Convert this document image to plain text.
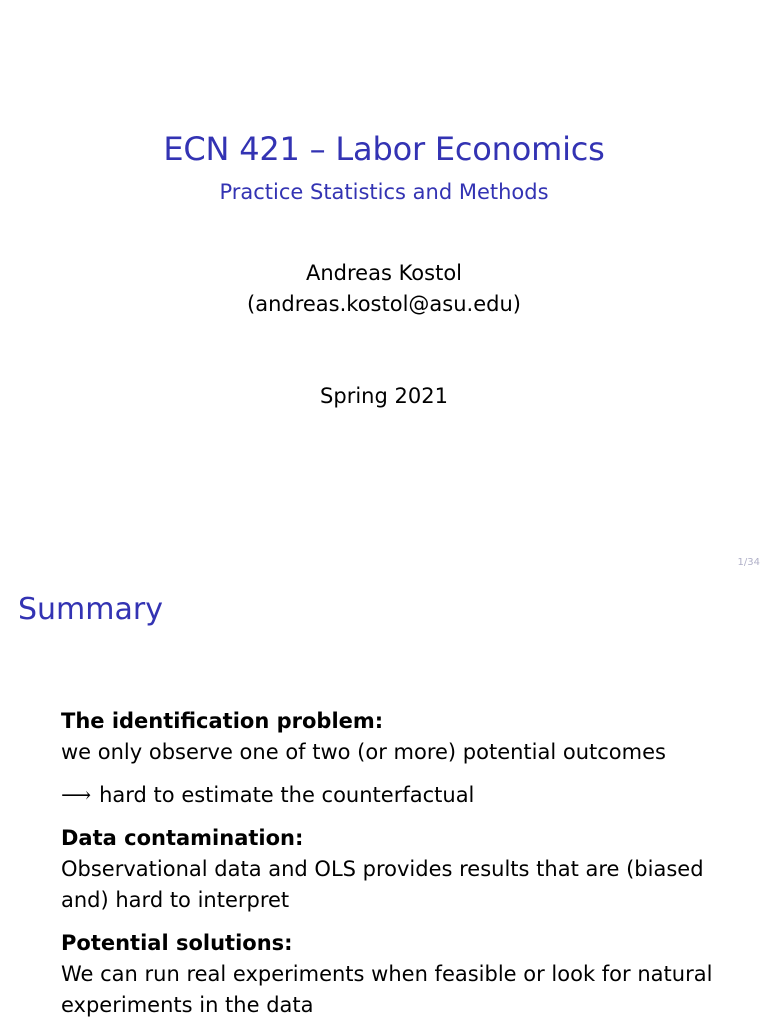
ECN 421 – Labor Economics
Practice Statistics and Methods
Andreas Kostol
(andreas.kostol@asu.edu)
Spring 2021
1/34
Summary
The identification problem:
we only observe one of two (or more) potential outcomes
⟶ hard to estimate the counterfactual
Data contamination:
Observational data and OLS provides results that are (biased and) hard to interpret
Potential solutions:
We can run real experiments when feasible or look for natural experiments in the data
